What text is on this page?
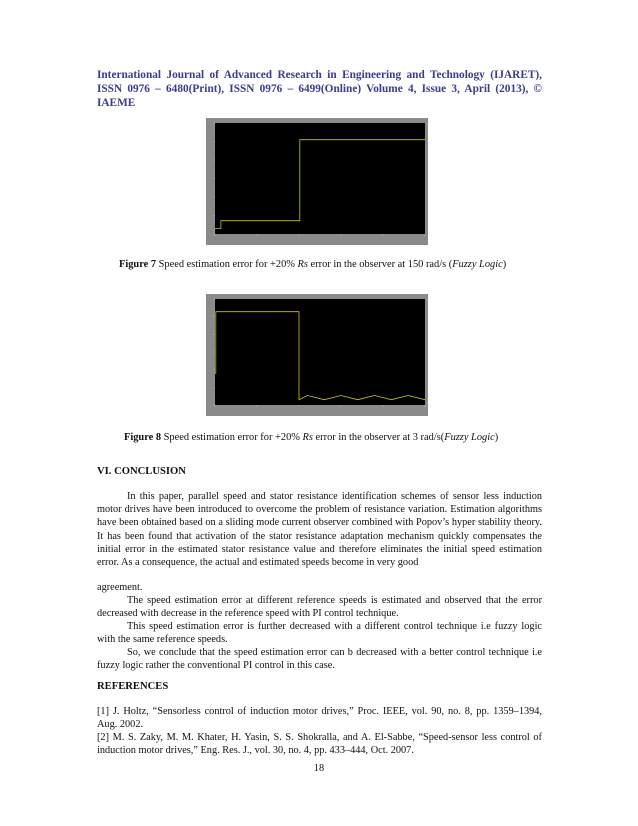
International Journal of Advanced Research in Engineering and Technology (IJARET), ISSN 0976 – 6480(Print), ISSN 0976 – 6499(Online) Volume 4, Issue 3, April (2013), © IAEME
Figure 7 Speed estimation error for +20% Rs error in the observer at 150 rad/s (Fuzzy Logic)
Figure 8 Speed estimation error for +20% Rs error in the observer at 3 rad/s(Fuzzy Logic)
VI. CONCLUSION

In this paper, parallel speed and stator resistance identification schemes of sensor less induction motor drives have been introduced to overcome the problem of resistance variation. Estimation algorithms have been obtained based on a sliding mode current observer combined with Popov’s hyper stability theory. It has been found that activation of the stator resistance adaptation mechanism quickly compensates the initial error in the estimated stator resistance value and therefore eliminates the initial speed estimation error. As a consequence, the actual and estimated speeds become in very good

agreement.

The speed estimation error at different reference speeds is estimated and observed that the error decreased with decrease in the reference speed with PI control technique.

This speed estimation error is further decreased with a different control technique i.e fuzzy logic with the same reference speeds.

So, we conclude that the speed estimation error can b decreased with a better control technique i.e fuzzy logic rather the conventional PI control in this case.

REFERENCES

[1] J. Holtz, “Sensorless control of induction motor drives,” Proc. IEEE, vol. 90, no. 8, pp. 1359–1394, Aug. 2002.

[2] M. S. Zaky, M. M. Khater, H. Yasin, S. S. Shokralla, and A. El-Sabbe, “Speed-sensor less control of induction motor drives,” Eng. Res. J., vol. 30, no. 4, pp. 433–444, Oct. 2007.

18
